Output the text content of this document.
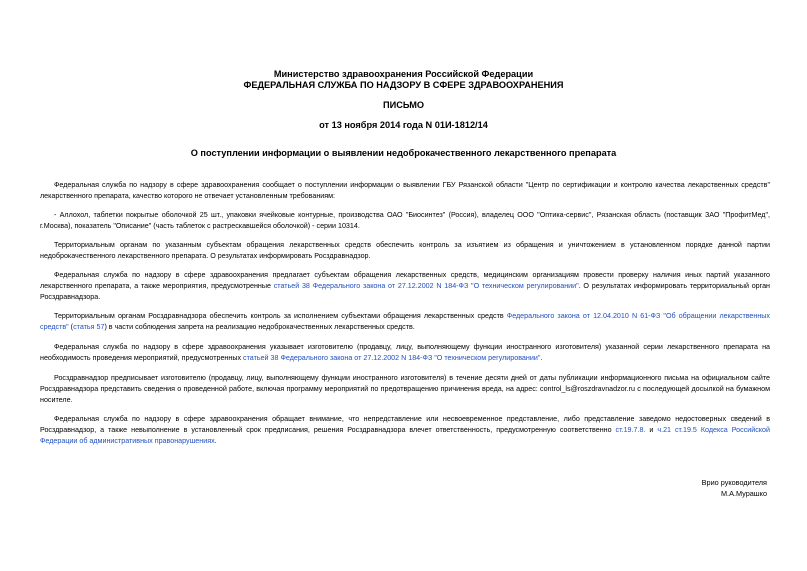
Министерство здравоохранения Российской Федерации
ФЕДЕРАЛЬНАЯ СЛУЖБА ПО НАДЗОРУ В СФЕРЕ ЗДРАВООХРАНЕНИЯ
ПИСЬМО
от 13 ноября 2014 года N 01И-1812/14
О поступлении информации о выявлении недоброкачественного лекарственного препарата
Федеральная служба по надзору в сфере здравоохранения сообщает о поступлении информации о выявлении ГБУ Рязанской области "Центр по сертификации и контролю качества лекарственных средств" лекарственного препарата, качество которого не отвечает установленным требованиям:
- Аллохол, таблетки покрытые оболочкой 25 шт., упаковки ячейковые контурные, производства ОАО "Биосинтез" (Россия), владелец ООО "Оптика-сервис", Рязанская область (поставщик ЗАО "ПрофитМед", г.Москва), показатель "Описание" (часть таблеток с растрескавшейся оболочкой) - серии 10314.
Территориальным органам по указанным субъектам обращения лекарственных средств обеспечить контроль за изъятием из обращения и уничтожением в установленном порядке данной партии недоброкачественного лекарственного препарата. О результатах информировать Росздравнадзор.
Федеральная служба по надзору в сфере здравоохранения предлагает субъектам обращения лекарственных средств, медицинским организациям провести проверку наличия иных партий указанного лекарственного препарата, а также мероприятия, предусмотренные статьей 38 Федерального закона от 27.12.2002 N 184-ФЗ "О техническом регулировании". О результатах информировать территориальный орган Росздравнадзора.
Территориальным органам Росздравнадзора обеспечить контроль за исполнением субъектами обращения лекарственных средств Федерального закона от 12.04.2010 N 61-ФЗ "Об обращении лекарственных средств" (статья 57) в части соблюдения запрета на реализацию недоброкачественных лекарственных средств.
Федеральная служба по надзору в сфере здравоохранения указывает изготовителю (продавцу, лицу, выполняющему функции иностранного изготовителя) указанной серии лекарственного препарата на необходимость проведения мероприятий, предусмотренных статьей 38 Федерального закона от 27.12.2002 N 184-ФЗ "О техническом регулировании".
Росздравнадзор предписывает изготовителю (продавцу, лицу, выполняющему функции иностранного изготовителя) в течение десяти дней от даты публикации информационного письма на официальном сайте Росздравнадзора представить сведения о проведенной работе, включая программу мероприятий по предотвращению причинения вреда, на адрес: control_ls@roszdravnadzor.ru с последующей досылкой на бумажном носителе.
Федеральная служба по надзору в сфере здравоохранения обращает внимание, что непредставление или несвоевременное представление, либо представление заведомо недостоверных сведений в Росздравнадзор, а также невыполнение в установленный срок предписания, решения Росздравнадзора влечет ответственность, предусмотренную соответственно ст.19.7.8. и ч.21 ст.19.5 Кодекса Российской Федерации об административных правонарушениях.
Врио руководителя
М.А.Мурашко
